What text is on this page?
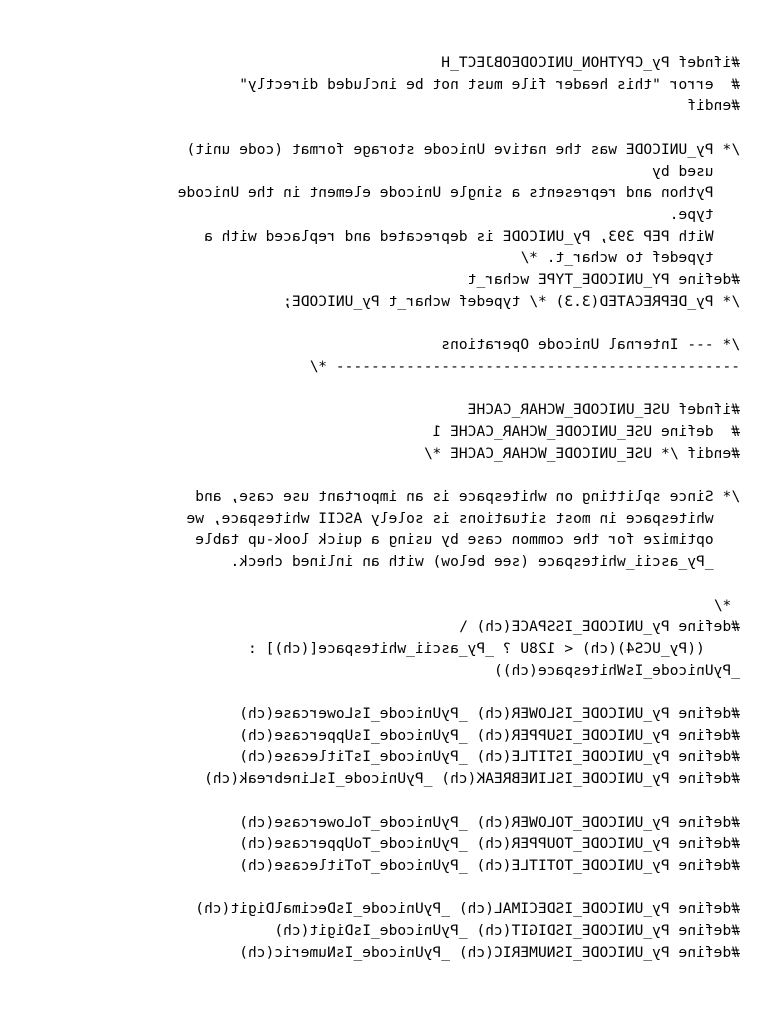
#ifndef Py_CPYTHON_UNICODEOBJECT_H
#  error "this header file must not be included directly"
#endif
/* Py_UNICODE was the native Unicode storage format (code unit)
used by
Python and represents a single Unicode element in the Unicode
type.
With PEP 393, Py_UNICODE is deprecated and replaced with a
typedef to wchar_t. */
#define PY_UNICODE_TYPE wchar_t
/* Py_DEPRECATED(3.3) */ typedef wchar_t Py_UNICODE;
/* --- Internal Unicode Operations
---------------------------------------------- */
#ifndef USE_UNICODE_WCHAR_CACHE
#  define USE_UNICODE_WCHAR_CACHE 1
#endif /* USE_UNICODE_WCHAR_CACHE */
/* Since splitting on whitespace is an important use case, and
whitespace in most situations is solely ASCII whitespace, we
optimize for the common case by using a quick look-up table
_Py_ascii_whitespace (see below) with an inlined check.
*/
#define Py_UNICODE_ISSPACE(ch) \
((Py_UCS4)(ch) < 128U ? _Py_ascii_whitespace[(ch)] :
_PyUnicode_IsWhitespace(ch))
#define Py_UNICODE_ISLOWER(ch) _PyUnicode_IsLowercase(ch)
#define Py_UNICODE_ISUPPER(ch) _PyUnicode_IsUppercase(ch)
#define Py_UNICODE_ISTITLE(ch) _PyUnicode_IsTitlecase(ch)
#define Py_UNICODE_ISLINEBREAK(ch) _PyUnicode_IsLinebreak(ch)
#define Py_UNICODE_TOLOWER(ch) _PyUnicode_ToLowercase(ch)
#define Py_UNICODE_TOUPPER(ch) _PyUnicode_ToUppercase(ch)
#define Py_UNICODE_TOTITLE(ch) _PyUnicode_ToTitlecase(ch)
#define Py_UNICODE_ISDECIMAL(ch) _PyUnicode_IsDecimalDigit(ch)
#define Py_UNICODE_ISDIGIT(ch) _PyUnicode_IsDigit(ch)
#define Py_UNICODE_ISNUMERIC(ch) _PyUnicode_IsNumeric(ch)
